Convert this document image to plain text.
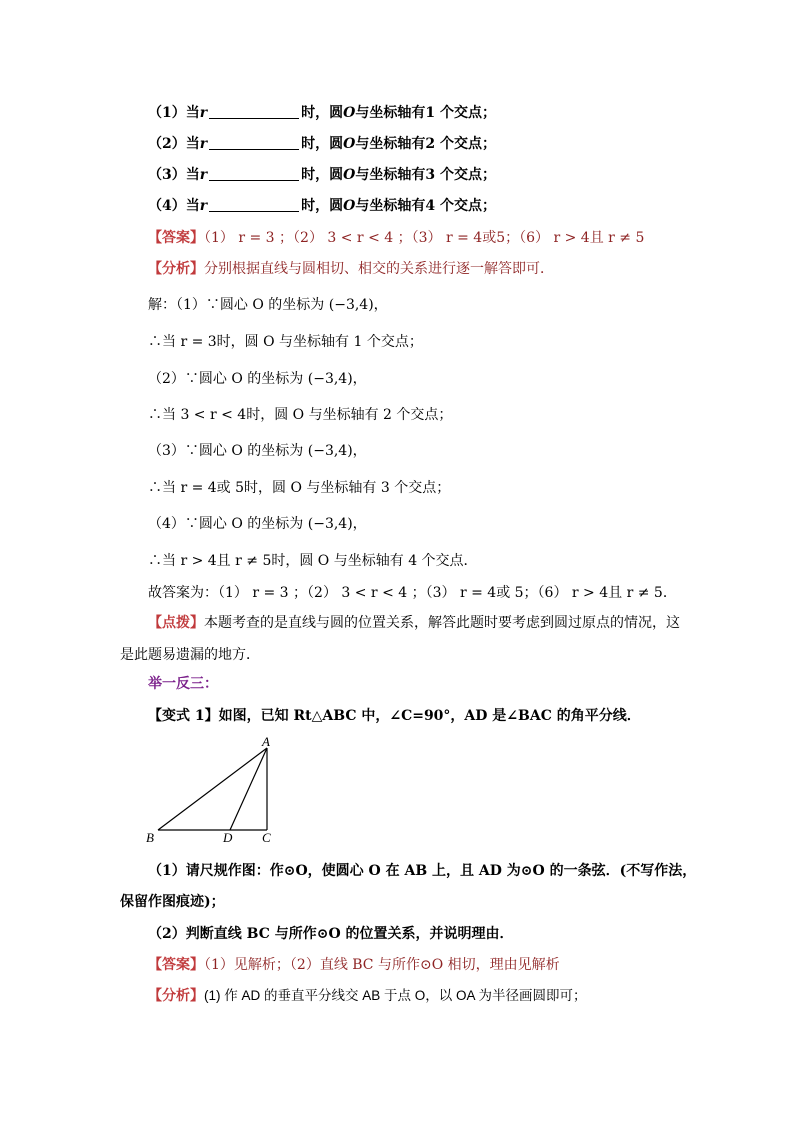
（1）当r	时，圆O与坐标轴有1 个交点；
（2）当r	时，圆O与坐标轴有2 个交点；
（3）当r	时，圆O与坐标轴有3 个交点；
（4）当r	时，圆O与坐标轴有4 个交点；
【答案】（1） r = 3 ；（2） 3 < r < 4 ；（3） r = 4或5；（6） r > 4且 r ≠ 5
【分析】分别根据直线与圆相切、相交的关系进行逐一解答即可．
解：（1）∵圆心 O 的坐标为 (−3,4)，
∴当 r = 3时，圆 O 与坐标轴有 1 个交点；
（2）∵圆心 O 的坐标为 (−3,4)，
∴当 3 < r < 4时，圆 O 与坐标轴有 2 个交点；
（3）∵圆心 O 的坐标为 (−3,4)，
∴当 r = 4或 5时，圆 O 与坐标轴有 3 个交点；
（4）∵圆心 O 的坐标为 (−3,4)，
∴当 r > 4且 r ≠ 5时，圆 O 与坐标轴有 4 个交点．
故答案为：（1） r = 3 ；（2） 3 < r < 4 ；（3） r = 4或 5；（6） r > 4且 r ≠ 5．
【点拨】本题考查的是直线与圆的位置关系，解答此题时要考虑到圆过原点的情况，这
是此题易遗漏的地方．
举一反三：
【变式 1】如图，已知 Rt△ABC 中，∠C=90°，AD 是∠BAC 的角平分线．
A
B	C
D
（1）请尺规作图：作⊙O，使圆心 O 在 AB 上，且 AD 为⊙O 的一条弦．(不写作法，
保留作图痕迹)；
（2）判断直线 BC 与所作⊙O 的位置关系，并说明理由．
【答案】（1）见解析；（2）直线 BC 与所作⊙O 相切，理由见解析
【分析】(1) 作 AD 的垂直平分线交 AB 于点 O，以 OA 为半径画圆即可；
